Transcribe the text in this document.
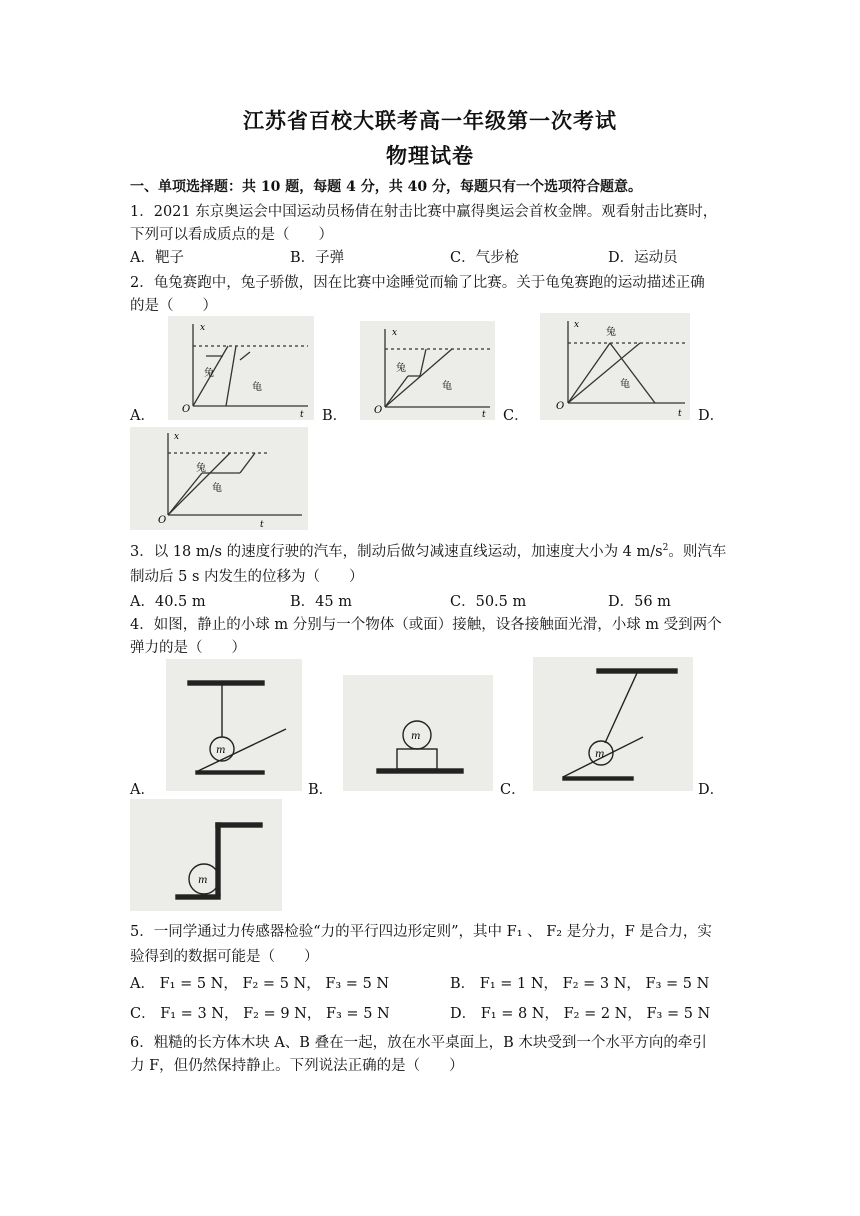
江苏省百校大联考高一年级第一次考试
物理试卷
一、单项选择题：共 10 题，每题 4 分，共 40 分，每题只有一个选项符合题意。
1．2021 东京奥运会中国运动员杨倩在射击比赛中赢得奥运会首枚金牌。观看射击比赛时，
下列可以看成质点的是（　　）
A．靶子	B．子弹	C．气步枪	D．运动员
2．龟兔赛跑中，兔子骄傲，因在比赛中途睡觉而输了比赛。关于龟兔赛跑的运动描述正确
的是（　　）
x
O	t
兔
龟
A．
x
O	t
兔
龟
B．
x
O
t
兔
龟
C．	D．
x
O	t
兔
龟
3．以 18 m/s 的速度行驶的汽车，制动后做匀减速直线运动，加速度大小为 4 $m/s^2$。则汽车
制动后 5 s 内发生的位移为（　　）
A．40.5 m	B．45 m	C．50.5 m	D．56 m
4．如图，静止的小球 m 分别与一个物体（或面）接触，设各接触面光滑，小球 m 受到两个
弹力的是（　　）
m
A．
m
B．
m
C．	D．
m
5．一同学通过力传感器检验“力的平行四边形定则”，其中 F₁ 、 F₂ 是分力，F 是合力，实
验得到的数据可能是（　　）
A． F₁ = 5 N， F₂ = 5 N， F₃ = 5 N	B． F₁ = 1 N， F₂ = 3 N， F₃ = 5 N
C． F₁ = 3 N， F₂ = 9 N， F₃ = 5 N	D． F₁ = 8 N， F₂ = 2 N， F₃ = 5 N
6．粗糙的长方体木块 A、B 叠在一起，放在水平桌面上，B 木块受到一个水平方向的牵引
力 F，但仍然保持静止。下列说法正确的是（　　）
